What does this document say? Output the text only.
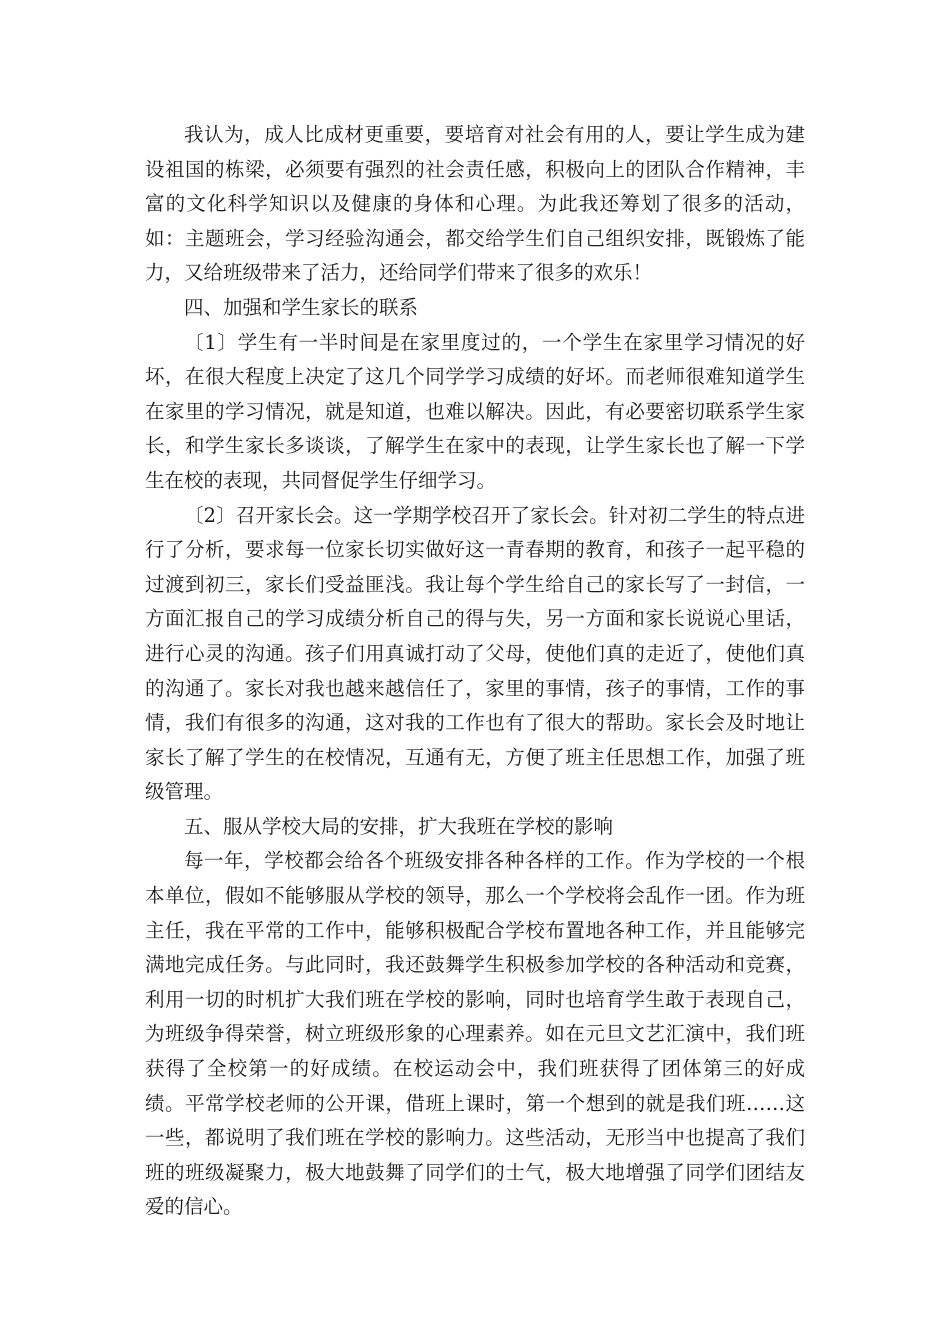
我认为，成人比成材更重要，要培育对社会有用的人，要让学生成为建设祖国的栋梁，必须要有强烈的社会责任感，积极向上的团队合作精神，丰富的文化科学知识以及健康的身体和心理。为此我还筹划了很多的活动，如：主题班会，学习经验沟通会，都交给学生们自己组织安排，既锻炼了能力，又给班级带来了活力，还给同学们带来了很多的欢乐！

四、加强和学生家长的联系

〔1〕学生有一半时间是在家里度过的，一个学生在家里学习情况的好坏，在很大程度上决定了这几个同学学习成绩的好坏。而老师很难知道学生在家里的学习情况，就是知道，也难以解决。因此，有必要密切联系学生家长，和学生家长多谈谈，了解学生在家中的表现，让学生家长也了解一下学生在校的表现，共同督促学生仔细学习。

〔2〕召开家长会。这一学期学校召开了家长会。针对初二学生的特点进行了分析，要求每一位家长切实做好这一青春期的教育，和孩子一起平稳的过渡到初三，家长们受益匪浅。我让每个学生给自己的家长写了一封信，一方面汇报自己的学习成绩分析自己的得与失，另一方面和家长说说心里话，进行心灵的沟通。孩子们用真诚打动了父母，使他们真的走近了，使他们真的沟通了。家长对我也越来越信任了，家里的事情，孩子的事情，工作的事情，我们有很多的沟通，这对我的工作也有了很大的帮助。家长会及时地让家长了解了学生的在校情况，互通有无，方便了班主任思想工作，加强了班级管理。

五、服从学校大局的安排，扩大我班在学校的影响

每一年，学校都会给各个班级安排各种各样的工作。作为学校的一个根本单位，假如不能够服从学校的领导，那么一个学校将会乱作一团。作为班主任，我在平常的工作中，能够积极配合学校布置地各种工作，并且能够完满地完成任务。与此同时，我还鼓舞学生积极参加学校的各种活动和竞赛，利用一切的时机扩大我们班在学校的影响，同时也培育学生敢于表现自己，为班级争得荣誉，树立班级形象的心理素养。如在元旦文艺汇演中，我们班获得了全校第一的好成绩。在校运动会中，我们班获得了团体第三的好成绩。平常学校老师的公开课，借班上课时，第一个想到的就是我们班……这一些，都说明了我们班在学校的影响力。这些活动，无形当中也提高了我们班的班级凝聚力，极大地鼓舞了同学们的士气，极大地增强了同学们团结友爱的信心。
